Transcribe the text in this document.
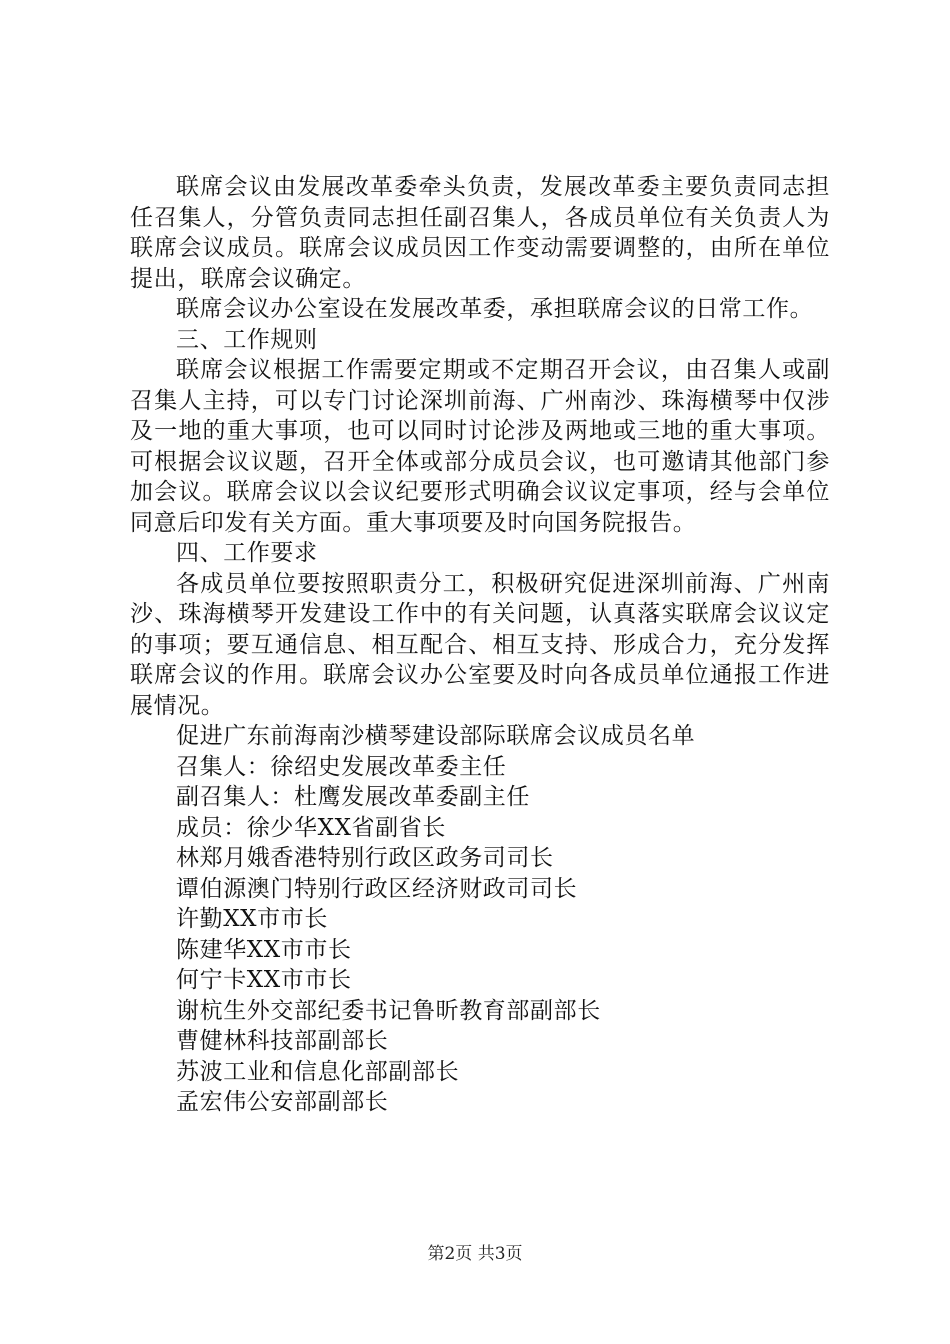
联席会议由发展改革委牵头负责，发展改革委主要负责同志担任召集人，分管负责同志担任副召集人，各成员单位有关负责人为联席会议成员。联席会议成员因工作变动需要调整的，由所在单位提出，联席会议确定。

联席会议办公室设在发展改革委，承担联席会议的日常工作。

三、工作规则

联席会议根据工作需要定期或不定期召开会议，由召集人或副召集人主持，可以专门讨论深圳前海、广州南沙、珠海横琴中仅涉及一地的重大事项，也可以同时讨论涉及两地或三地的重大事项。可根据会议议题，召开全体或部分成员会议，也可邀请其他部门参加会议。联席会议以会议纪要形式明确会议议定事项，经与会单位同意后印发有关方面。重大事项要及时向国务院报告。

四、工作要求

各成员单位要按照职责分工，积极研究促进深圳前海、广州南沙、珠海横琴开发建设工作中的有关问题，认真落实联席会议议定的事项；要互通信息、相互配合、相互支持、形成合力，充分发挥联席会议的作用。联席会议办公室要及时向各成员单位通报工作进展情况。

促进广东前海南沙横琴建设部际联席会议成员名单

召集人：徐绍史发展改革委主任

副召集人：杜鹰发展改革委副主任

成员：徐少华XX省副省长

林郑月娥香港特别行政区政务司司长

谭伯源澳门特别行政区经济财政司司长

许勤XX市市长

陈建华XX市市长

何宁卡XX市市长

谢杭生外交部纪委书记鲁昕教育部副部长

曹健林科技部副部长

苏波工业和信息化部副部长

孟宏伟公安部副部长

第2页 共3页
